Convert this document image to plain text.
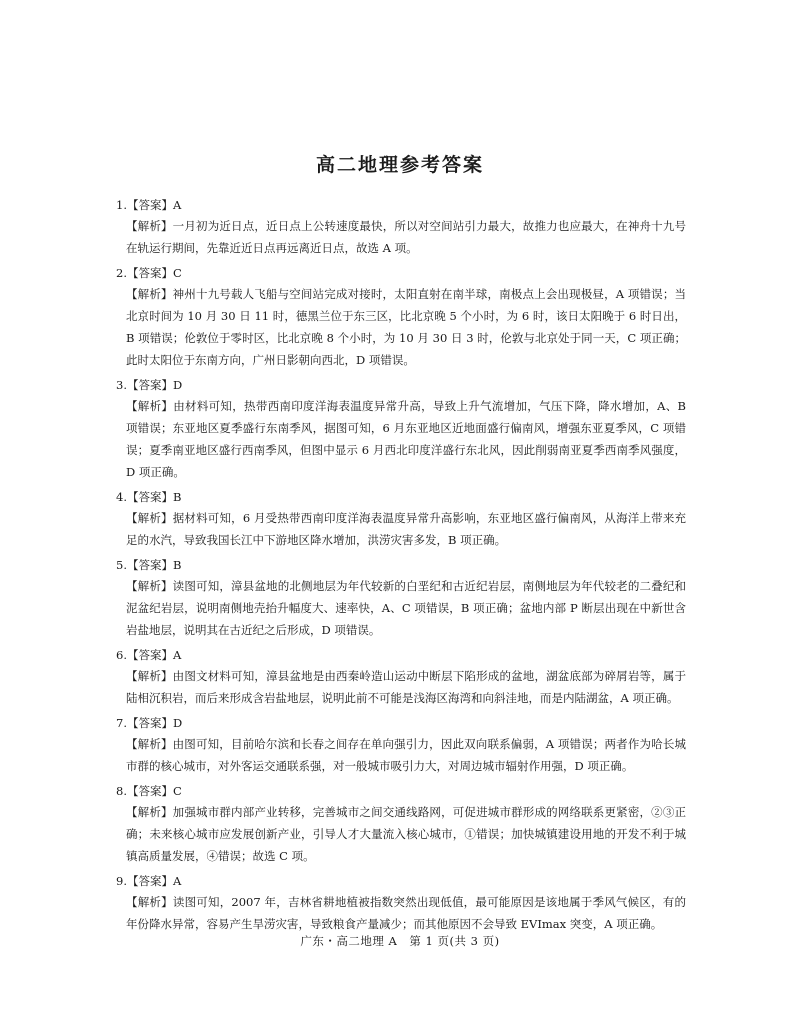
高二地理参考答案
1.【答案】A
【解析】一月初为近日点，近日点上公转速度最快，所以对空间站引力最大，故推力也应最大，在神舟十九号在轨运行期间，先靠近近日点再远离近日点，故选 A 项。
2.【答案】C
【解析】神州十九号载人飞船与空间站完成对接时，太阳直射在南半球，南极点上会出现极昼，A 项错误；当北京时间为 10 月 30 日 11 时，德黑兰位于东三区，比北京晚 5 个小时，为 6 时，该日太阳晚于 6 时日出，B 项错误；伦敦位于零时区，比北京晚 8 个小时，为 10 月 30 日 3 时，伦敦与北京处于同一天，C 项正确；此时太阳位于东南方向，广州日影朝向西北，D 项错误。
3.【答案】D
【解析】由材料可知，热带西南印度洋海表温度异常升高，导致上升气流增加，气压下降，降水增加，A、B 项错误；东亚地区夏季盛行东南季风，据图可知，6 月东亚地区近地面盛行偏南风，增强东亚夏季风，C 项错误；夏季南亚地区盛行西南季风，但图中显示 6 月西北印度洋盛行东北风，因此削弱南亚夏季西南季风强度，D 项正确。
4.【答案】B
【解析】据材料可知，6 月受热带西南印度洋海表温度异常升高影响，东亚地区盛行偏南风，从海洋上带来充足的水汽，导致我国长江中下游地区降水增加，洪涝灾害多发，B 项正确。
5.【答案】B
【解析】读图可知，漳县盆地的北侧地层为年代较新的白垩纪和古近纪岩层，南侧地层为年代较老的二叠纪和泥盆纪岩层，说明南侧地壳抬升幅度大、速率快，A、C 项错误，B 项正确；盆地内部 P 断层出现在中新世含岩盐地层，说明其在古近纪之后形成，D 项错误。
6.【答案】A
【解析】由图文材料可知，漳县盆地是由西秦岭造山运动中断层下陷形成的盆地，湖盆底部为碎屑岩等，属于陆相沉积岩，而后来形成含岩盐地层，说明此前不可能是浅海区海湾和向斜洼地，而是内陆湖盆，A 项正确。
7.【答案】D
【解析】由图可知，目前哈尔滨和长春之间存在单向强引力，因此双向联系偏弱，A 项错误；两者作为哈长城市群的核心城市，对外客运交通联系强，对一般城市吸引力大，对周边城市辐射作用强，D 项正确。
8.【答案】C
【解析】加强城市群内部产业转移，完善城市之间交通线路网，可促进城市群形成的网络联系更紧密，②③正确；未来核心城市应发展创新产业，引导人才大量流入核心城市，①错误；加快城镇建设用地的开发不利于城镇高质量发展，④错误；故选 C 项。
9.【答案】A
【解析】读图可知，2007 年，吉林省耕地植被指数突然出现低值，最可能原因是该地属于季风气候区，有的年份降水异常，容易产生旱涝灾害，导致粮食产量减少；而其他原因不会导致 EVImax 突变，A 项正确。
广东・高二地理 A　第 1 页(共 3 页)
